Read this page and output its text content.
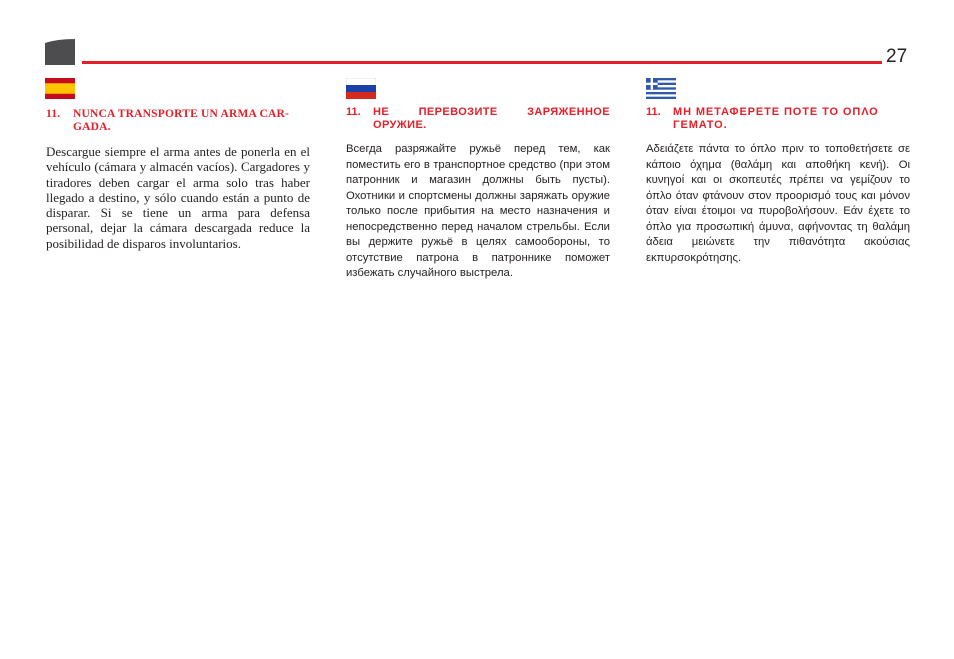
27
11.	NUNCA TRANSPORTE UN ARMA CAR-GADA.

Descargue siempre el arma antes de ponerla en el vehículo (cámara y almacén vacíos). Cargadores y tiradores deben cargar el arma solo tras haber llegado a destino, y sólo cuando están a punto de disparar. Si se tiene un arma para defensa personal, dejar la cámara descargada reduce la posibilidad de disparos involuntarios.

11.	НЕ ПЕРЕВОЗИТЕ ЗАРЯЖЕННОЕ ОРУЖИЕ.

Всегда разряжайте ружьё перед тем, как поместить его в транспортное средство (при этом патронник и магазин должны быть пусты). Охотники и спортсмены должны заряжать оружие только после прибытия на место назначения и непосредственно перед началом стрельбы. Если вы держите ружьё в целях самообороны, то отсутствие патрона в патроннике поможет избежать случайного выстрела.

11.	ΜΗ ΜΕΤΑΦΕΡΕΤΕ ΠΟΤΕ ΤΟ ΟΠΛΟ ΓΕΜΑΤΟ.

Αδειάζετε πάντα το όπλο πριν το τοποθετήσετε σε κάποιο όχημα (θαλάμη και αποθήκη κενή). Οι κυνηγοί και οι σκοπευτές πρέπει να γεμίζουν το όπλο όταν φτάνουν στον προορισμό τους και μόνον όταν είναι έτοιμοι να πυροβολήσουν. Εάν έχετε το όπλο για προσωπική άμυνα, αφήνοντας τη θαλάμη άδεια μειώνετε την πιθανότητα ακούσιας εκπυρσοκρότησης.
